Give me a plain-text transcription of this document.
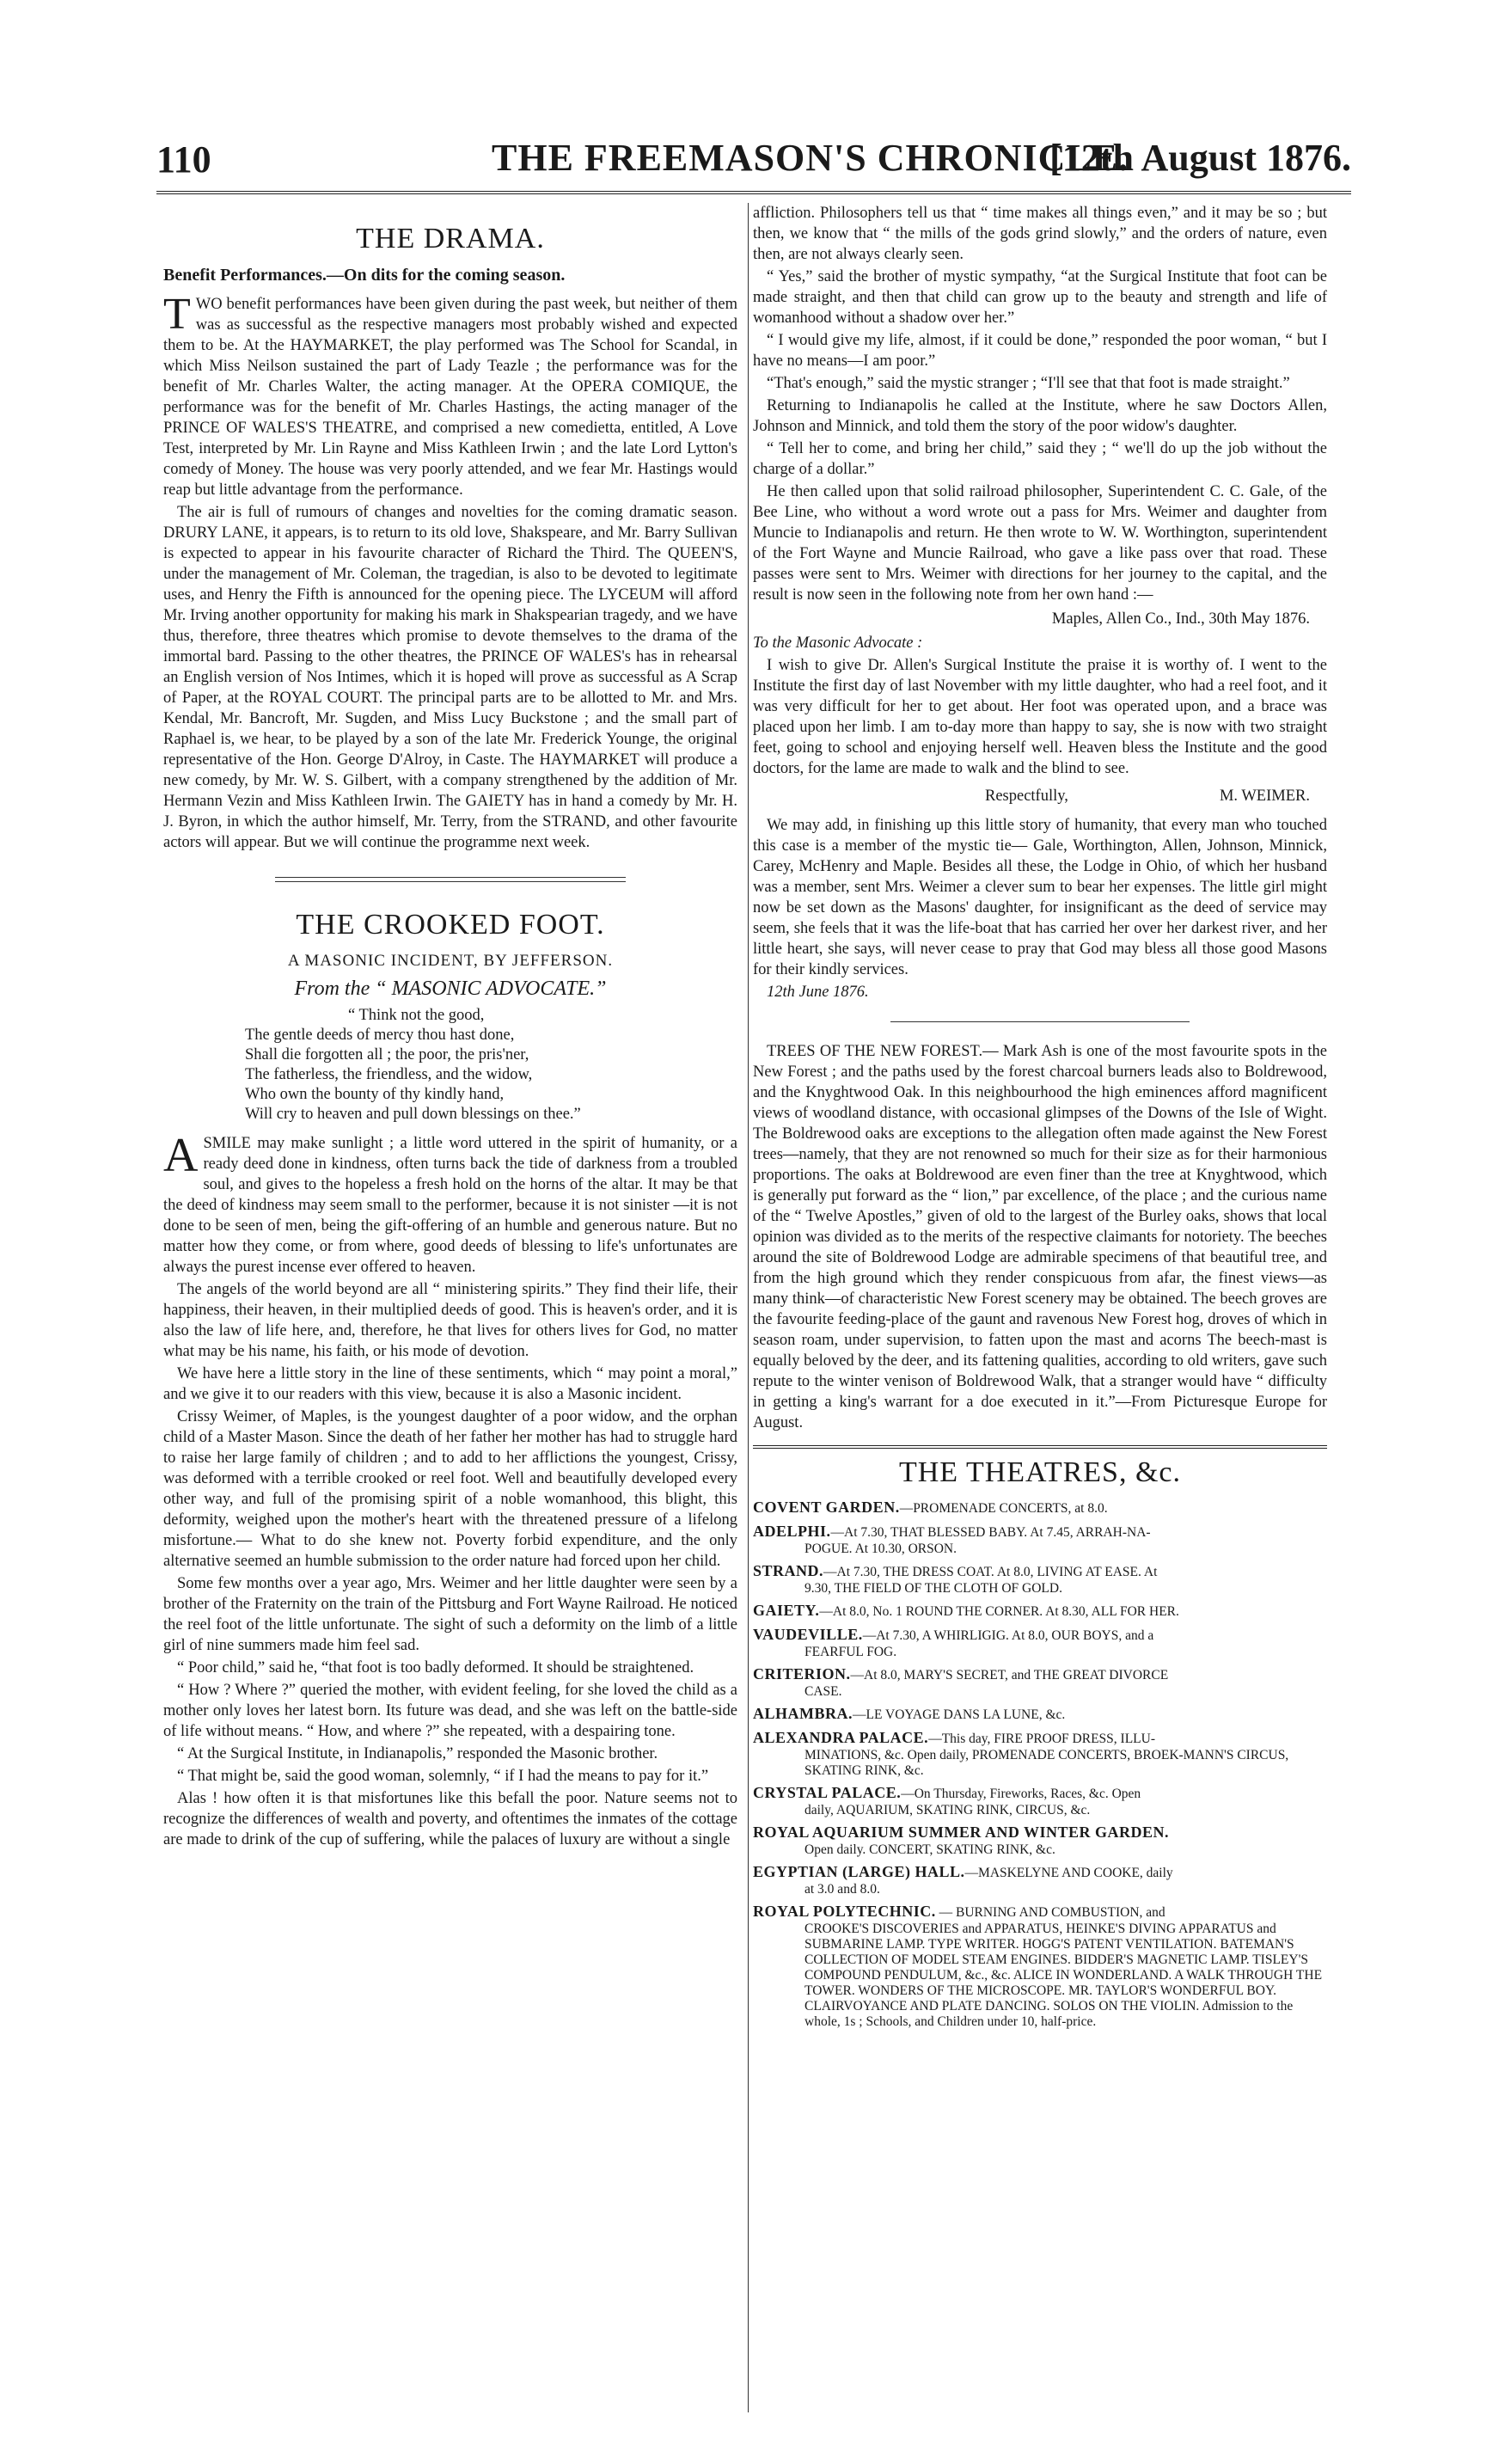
110	THE FREEMASON'S CHRONICLE.
[12th August 1876.
THE DRAMA.
Benefit Performances.—On dits for the coming season.

TWO benefit performances have been given during the past week, but neither of them was as successful as the respective managers most probably wished and expected them to be. At the HAYMARKET, the play performed was The School for Scandal, in which Miss Neilson sustained the part of Lady Teazle ; the performance was for the benefit of Mr. Charles Walter, the acting manager. At the OPERA COMIQUE, the performance was for the benefit of Mr. Charles Hastings, the acting manager of the PRINCE OF WALES'S THEATRE, and comprised a new comedietta, entitled, A Love Test, interpreted by Mr. Lin Rayne and Miss Kathleen Irwin ; and the late Lord Lytton's comedy of Money. The house was very poorly attended, and we fear Mr. Hastings would reap but little advantage from the performance.

The air is full of rumours of changes and novelties for the coming dramatic season. DRURY LANE, it appears, is to return to its old love, Shakspeare, and Mr. Barry Sullivan is expected to appear in his favourite character of Richard the Third. The QUEEN'S, under the management of Mr. Coleman, the tragedian, is also to be devoted to legitimate uses, and Henry the Fifth is announced for the opening piece. The LYCEUM will afford Mr. Irving another opportunity for making his mark in Shakspearian tragedy, and we have thus, therefore, three theatres which promise to devote themselves to the drama of the immortal bard. Passing to the other theatres, the PRINCE OF WALES's has in rehearsal an English version of Nos Intimes, which it is hoped will prove as successful as A Scrap of Paper, at the ROYAL COURT. The principal parts are to be allotted to Mr. and Mrs. Kendal, Mr. Bancroft, Mr. Sugden, and Miss Lucy Buckstone ; and the small part of Raphael is, we hear, to be played by a son of the late Mr. Frederick Younge, the original representative of the Hon. George D'Alroy, in Caste. The HAYMARKET will produce a new comedy, by Mr. W. S. Gilbert, with a company strengthened by the addition of Mr. Hermann Vezin and Miss Kathleen Irwin. The GAIETY has in hand a comedy by Mr. H. J. Byron, in which the author himself, Mr. Terry, from the STRAND, and other favourite actors will appear. But we will continue the programme next week.

THE CROOKED FOOT.
A MASONIC INCIDENT, BY JEFFERSON.
From the “ MASONIC ADVOCATE.”
“ Think not the good,
The gentle deeds of mercy thou hast done,
Shall die forgotten all ; the poor, the pris'ner,
The fatherless, the friendless, and the widow,
Who own the bounty of thy kindly hand,
Will cry to heaven and pull down blessings on thee.”

ASMILE may make sunlight ; a little word uttered in the spirit of humanity, or a ready deed done in kindness, often turns back the tide of darkness from a troubled soul, and gives to the hopeless a fresh hold on the horns of the altar. It may be that the deed of kindness may seem small to the performer, because it is not sinister —it is not done to be seen of men, being the gift-offering of an humble and generous nature. But no matter how they come, or from where, good deeds of blessing to life's unfortunates are always the purest incense ever offered to heaven.

The angels of the world beyond are all “ ministering spirits.” They find their life, their happiness, their heaven, in their multiplied deeds of good. This is heaven's order, and it is also the law of life here, and, therefore, he that lives for others lives for God, no matter what may be his name, his faith, or his mode of devotion.

We have here a little story in the line of these sentiments, which “ may point a moral,” and we give it to our readers with this view, because it is also a Masonic incident.

Crissy Weimer, of Maples, is the youngest daughter of a poor widow, and the orphan child of a Master Mason. Since the death of her father her mother has had to struggle hard to raise her large family of children ; and to add to her afflictions the youngest, Crissy, was deformed with a terrible crooked or reel foot. Well and beautifully developed every other way, and full of the promising spirit of a noble womanhood, this blight, this deformity, weighed upon the mother's heart with the threatened pressure of a lifelong misfortune.— What to do she knew not. Poverty forbid expenditure, and the only alternative seemed an humble submission to the order nature had forced upon her child.

Some few months over a year ago, Mrs. Weimer and her little daughter were seen by a brother of the Fraternity on the train of the Pittsburg and Fort Wayne Railroad. He noticed the reel foot of the little unfortunate. The sight of such a deformity on the limb of a little girl of nine summers made him feel sad.

“ Poor child,” said he, “that foot is too badly deformed. It should be straightened.

“ How ? Where ?” queried the mother, with evident feeling, for she loved the child as a mother only loves her latest born. Its future was dead, and she was left on the battle-side of life without means. “ How, and where ?” she repeated, with a despairing tone.

“ At the Surgical Institute, in Indianapolis,” responded the Masonic brother.

“ That might be, said the good woman, solemnly, “ if I had the means to pay for it.”

Alas ! how often it is that misfortunes like this befall the poor. Nature seems not to recognize the differences of wealth and poverty, and oftentimes the inmates of the cottage are made to drink of the cup of suffering, while the palaces of luxury are without a single

affliction. Philosophers tell us that “ time makes all things even,” and it may be so ; but then, we know that “ the mills of the gods grind slowly,” and the orders of nature, even then, are not always clearly seen.

“ Yes,” said the brother of mystic sympathy, “at the Surgical Institute that foot can be made straight, and then that child can grow up to the beauty and strength and life of womanhood without a shadow over her.”

“ I would give my life, almost, if it could be done,” responded the poor woman, “ but I have no means—I am poor.”

“That's enough,” said the mystic stranger ; “I'll see that that foot is made straight.”

Returning to Indianapolis he called at the Institute, where he saw Doctors Allen, Johnson and Minnick, and told them the story of the poor widow's daughter.

“ Tell her to come, and bring her child,” said they ; “ we'll do up the job without the charge of a dollar.”

He then called upon that solid railroad philosopher, Superintendent C. C. Gale, of the Bee Line, who without a word wrote out a pass for Mrs. Weimer and daughter from Muncie to Indianapolis and return. He then wrote to W. W. Worthington, superintendent of the Fort Wayne and Muncie Railroad, who gave a like pass over that road. These passes were sent to Mrs. Weimer with directions for her journey to the capital, and the result is now seen in the following note from her own hand :—

Maples, Allen Co., Ind., 30th May 1876.

To the Masonic Advocate :

I wish to give Dr. Allen's Surgical Institute the praise it is worthy of. I went to the Institute the first day of last November with my little daughter, who had a reel foot, and it was very difficult for her to get about. Her foot was operated upon, and a brace was placed upon her limb. I am to-day more than happy to say, she is now with two straight feet, going to school and enjoying herself well. Heaven bless the Institute and the good doctors, for the lame are made to walk and the blind to see.

Respectfully,	M. WEIMER.

We may add, in finishing up this little story of humanity, that every man who touched this case is a member of the mystic tie— Gale, Worthington, Allen, Johnson, Minnick, Carey, McHenry and Maple. Besides all these, the Lodge in Ohio, of which her husband was a member, sent Mrs. Weimer a clever sum to bear her expenses. The little girl might now be set down as the Masons' daughter, for insignificant as the deed of service may seem, she feels that it was the life-boat that has carried her over her darkest river, and her little heart, she says, will never cease to pray that God may bless all those good Masons for their kindly services.

12th June 1876.

TREES OF THE NEW FOREST.— Mark Ash is one of the most favourite spots in the New Forest ; and the paths used by the forest charcoal burners leads also to Boldrewood, and the Knyghtwood Oak. In this neighbourhood the high eminences afford magnificent views of woodland distance, with occasional glimpses of the Downs of the Isle of Wight. The Boldrewood oaks are exceptions to the allegation often made against the New Forest trees—namely, that they are not renowned so much for their size as for their harmonious proportions. The oaks at Boldrewood are even finer than the tree at Knyghtwood, which is generally put forward as the “ lion,” par excellence, of the place ; and the curious name of the “ Twelve Apostles,” given of old to the largest of the Burley oaks, shows that local opinion was divided as to the merits of the respective claimants for notoriety. The beeches around the site of Boldrewood Lodge are admirable specimens of that beautiful tree, and from the high ground which they render conspicuous from afar, the finest views—as many think—of characteristic New Forest scenery may be obtained. The beech groves are the favourite feeding-place of the gaunt and ravenous New Forest hog, droves of which in season roam, under supervision, to fatten upon the mast and acorns The beech-mast is equally beloved by the deer, and its fattening qualities, according to old writers, gave such repute to the winter venison of Boldrewood Walk, that a stranger would have “ difficulty in getting a king's warrant for a doe executed in it.”—From Picturesque Europe for August.

THE THEATRES, &c.
COVENT GARDEN.—PROMENADE CONCERTS, at 8.0.
ADELPHI.—At 7.30, THAT BLESSED BABY. At 7.45, ARRAH-NA-
POGUE. At 10.30, ORSON.
STRAND.—At 7.30, THE DRESS COAT. At 8.0, LIVING AT EASE. At
9.30, THE FIELD OF THE CLOTH OF GOLD.
GAIETY.—At 8.0, No. 1 ROUND THE CORNER. At 8.30, ALL FOR HER.
VAUDEVILLE.—At 7.30, A WHIRLIGIG. At 8.0, OUR BOYS, and a
FEARFUL FOG.
CRITERION.—At 8.0, MARY'S SECRET, and THE GREAT DIVORCE
CASE.
ALHAMBRA.—LE VOYAGE DANS LA LUNE, &c.
ALEXANDRA PALACE.—This day, FIRE PROOF DRESS, ILLU-
MINATIONS, &c. Open daily, PROMENADE CONCERTS, BROEK-MANN'S CIRCUS, SKATING RINK, &c.
CRYSTAL PALACE.—On Thursday, Fireworks, Races, &c. Open
daily, AQUARIUM, SKATING RINK, CIRCUS, &c.
ROYAL AQUARIUM SUMMER AND WINTER GARDEN.
Open daily. CONCERT, SKATING RINK, &c.
EGYPTIAN (LARGE) HALL.—MASKELYNE AND COOKE, daily
at 3.0 and 8.0.
ROYAL POLYTECHNIC. — BURNING AND COMBUSTION, and
CROOKE'S DISCOVERIES and APPARATUS, HEINKE'S DIVING APPARATUS and SUBMARINE LAMP. TYPE WRITER. HOGG'S PATENT VENTILATION. BATEMAN'S COLLECTION OF MODEL STEAM ENGINES. BIDDER'S MAGNETIC LAMP. TISLEY'S COMPOUND PENDULUM, &c., &c. ALICE IN WONDERLAND. A WALK THROUGH THE TOWER. WONDERS OF THE MICROSCOPE. MR. TAYLOR'S WONDERFUL BOY. CLAIRVOYANCE AND PLATE DANCING. SOLOS ON THE VIOLIN. Admission to the whole, 1s ; Schools, and Children under 10, half-price.
